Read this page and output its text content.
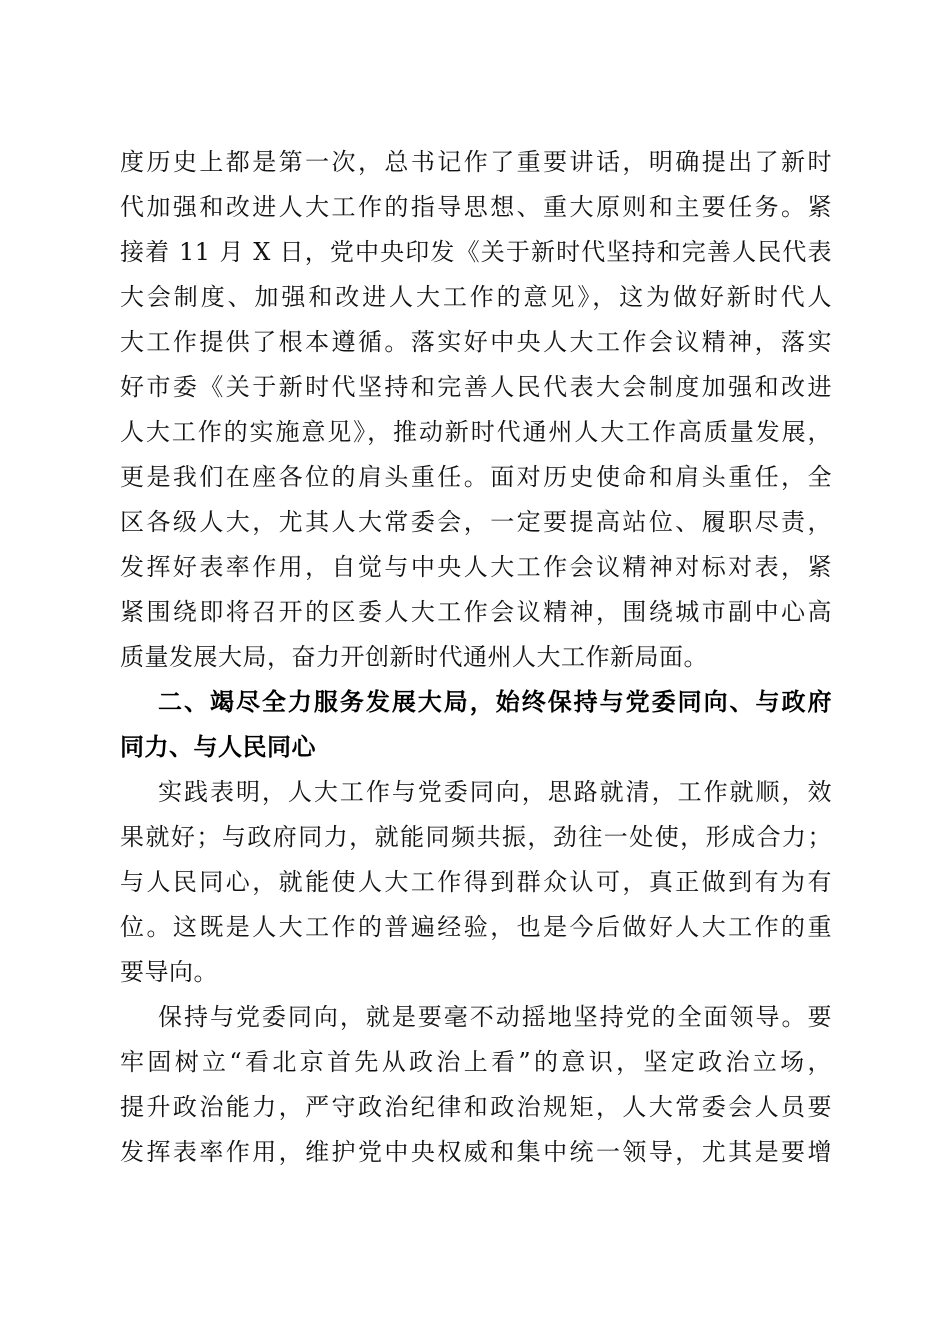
度历史上都是第一次，总书记作了重要讲话，明确提出了新时
代加强和改进人大工作的指导思想、重大原则和主要任务。紧
接着 11 月 X 日，党中央印发《关于新时代坚持和完善人民代表
大会制度、加强和改进人大工作的意见》，这为做好新时代人
大工作提供了根本遵循。落实好中央人大工作会议精神，落实
好市委《关于新时代坚持和完善人民代表大会制度加强和改进
人大工作的实施意见》，推动新时代通州人大工作高质量发展，
更是我们在座各位的肩头重任。面对历史使命和肩头重任，全
区各级人大，尤其人大常委会，一定要提高站位、履职尽责，
发挥好表率作用，自觉与中央人大工作会议精神对标对表，紧
紧围绕即将召开的区委人大工作会议精神，围绕城市副中心高
质量发展大局，奋力开创新时代通州人大工作新局面。
二、竭尽全力服务发展大局，始终保持与党委同向、与政府
同力、与人民同心
实践表明，人大工作与党委同向，思路就清，工作就顺，效
果就好；与政府同力，就能同频共振，劲往一处使，形成合力；
与人民同心，就能使人大工作得到群众认可，真正做到有为有
位。这既是人大工作的普遍经验，也是今后做好人大工作的重
要导向。
保持与党委同向，就是要毫不动摇地坚持党的全面领导。要
牢固树立“看北京首先从政治上看”的意识，坚定政治立场，
提升政治能力，严守政治纪律和政治规矩，人大常委会人员要
发挥表率作用，维护党中央权威和集中统一领导，尤其是要增
